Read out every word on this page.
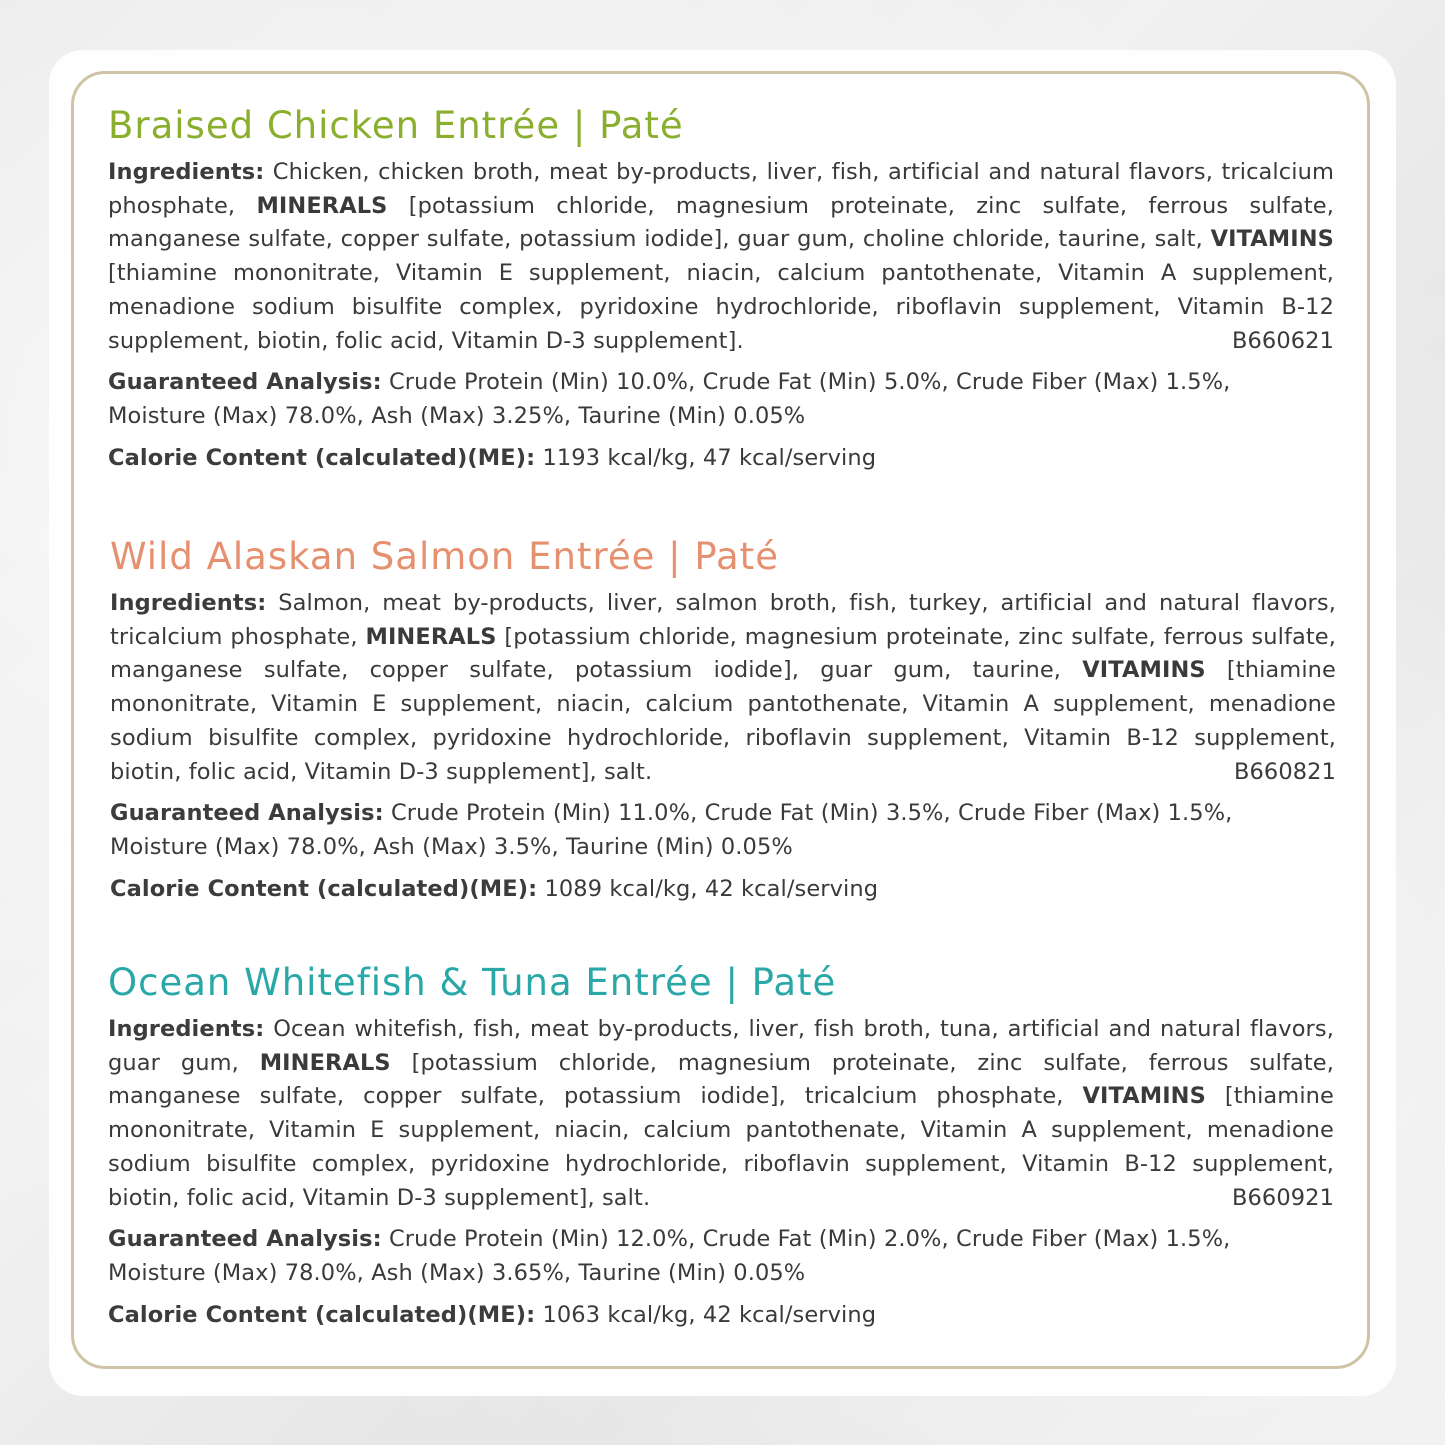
Braised Chicken Entrée | Paté

Ingredients: Chicken, chicken broth, meat by-products, liver, fish, artificial and natural flavors, tricalcium phosphate, MINERALS [potassium chloride, magnesium proteinate, zinc sulfate, ferrous sulfate, manganese sulfate, copper sulfate, potassium iodide], guar gum, choline chloride, taurine, salt, VITAMINS [thiamine mononitrate, Vitamin E supplement, niacin, calcium pantothenate, Vitamin A supplement, menadione sodium bisulfite complex, pyridoxine hydrochloride, riboflavin supplement, Vitamin B-12 supplement, biotin, folic acid, Vitamin D-3 supplement].	B660621

Guaranteed Analysis: Crude Protein (Min) 10.0%, Crude Fat (Min) 5.0%, Crude Fiber (Max) 1.5%, Moisture (Max) 78.0%, Ash (Max) 3.25%, Taurine (Min) 0.05%

Calorie Content (calculated)(ME): 1193 kcal/kg, 47 kcal/serving

Wild Alaskan Salmon Entrée | Paté

Ingredients: Salmon, meat by-products, liver, salmon broth, fish, turkey, artificial and natural flavors, tricalcium phosphate, MINERALS [potassium chloride, magnesium proteinate, zinc sulfate, ferrous sulfate, manganese sulfate, copper sulfate, potassium iodide], guar gum, taurine, VITAMINS [thiamine mononitrate, Vitamin E supplement, niacin, calcium pantothenate, Vitamin A supplement, menadione sodium bisulfite complex, pyridoxine hydrochloride, riboflavin supplement, Vitamin B-12 supplement, biotin, folic acid, Vitamin D-3 supplement], salt.	B660821

Guaranteed Analysis: Crude Protein (Min) 11.0%, Crude Fat (Min) 3.5%, Crude Fiber (Max) 1.5%, Moisture (Max) 78.0%, Ash (Max) 3.5%, Taurine (Min) 0.05%

Calorie Content (calculated)(ME): 1089 kcal/kg, 42 kcal/serving

Ocean Whitefish & Tuna Entrée | Paté

Ingredients: Ocean whitefish, fish, meat by-products, liver, fish broth, tuna, artificial and natural flavors, guar gum, MINERALS [potassium chloride, magnesium proteinate, zinc sulfate, ferrous sulfate, manganese sulfate, copper sulfate, potassium iodide], tricalcium phosphate, VITAMINS [thiamine mononitrate, Vitamin E supplement, niacin, calcium pantothenate, Vitamin A supplement, menadione sodium bisulfite complex, pyridoxine hydrochloride, riboflavin supplement, Vitamin B-12 supplement, biotin, folic acid, Vitamin D-3 supplement], salt.	B660921

Guaranteed Analysis: Crude Protein (Min) 12.0%, Crude Fat (Min) 2.0%, Crude Fiber (Max) 1.5%, Moisture (Max) 78.0%, Ash (Max) 3.65%, Taurine (Min) 0.05%

Calorie Content (calculated)(ME): 1063 kcal/kg, 42 kcal/serving
